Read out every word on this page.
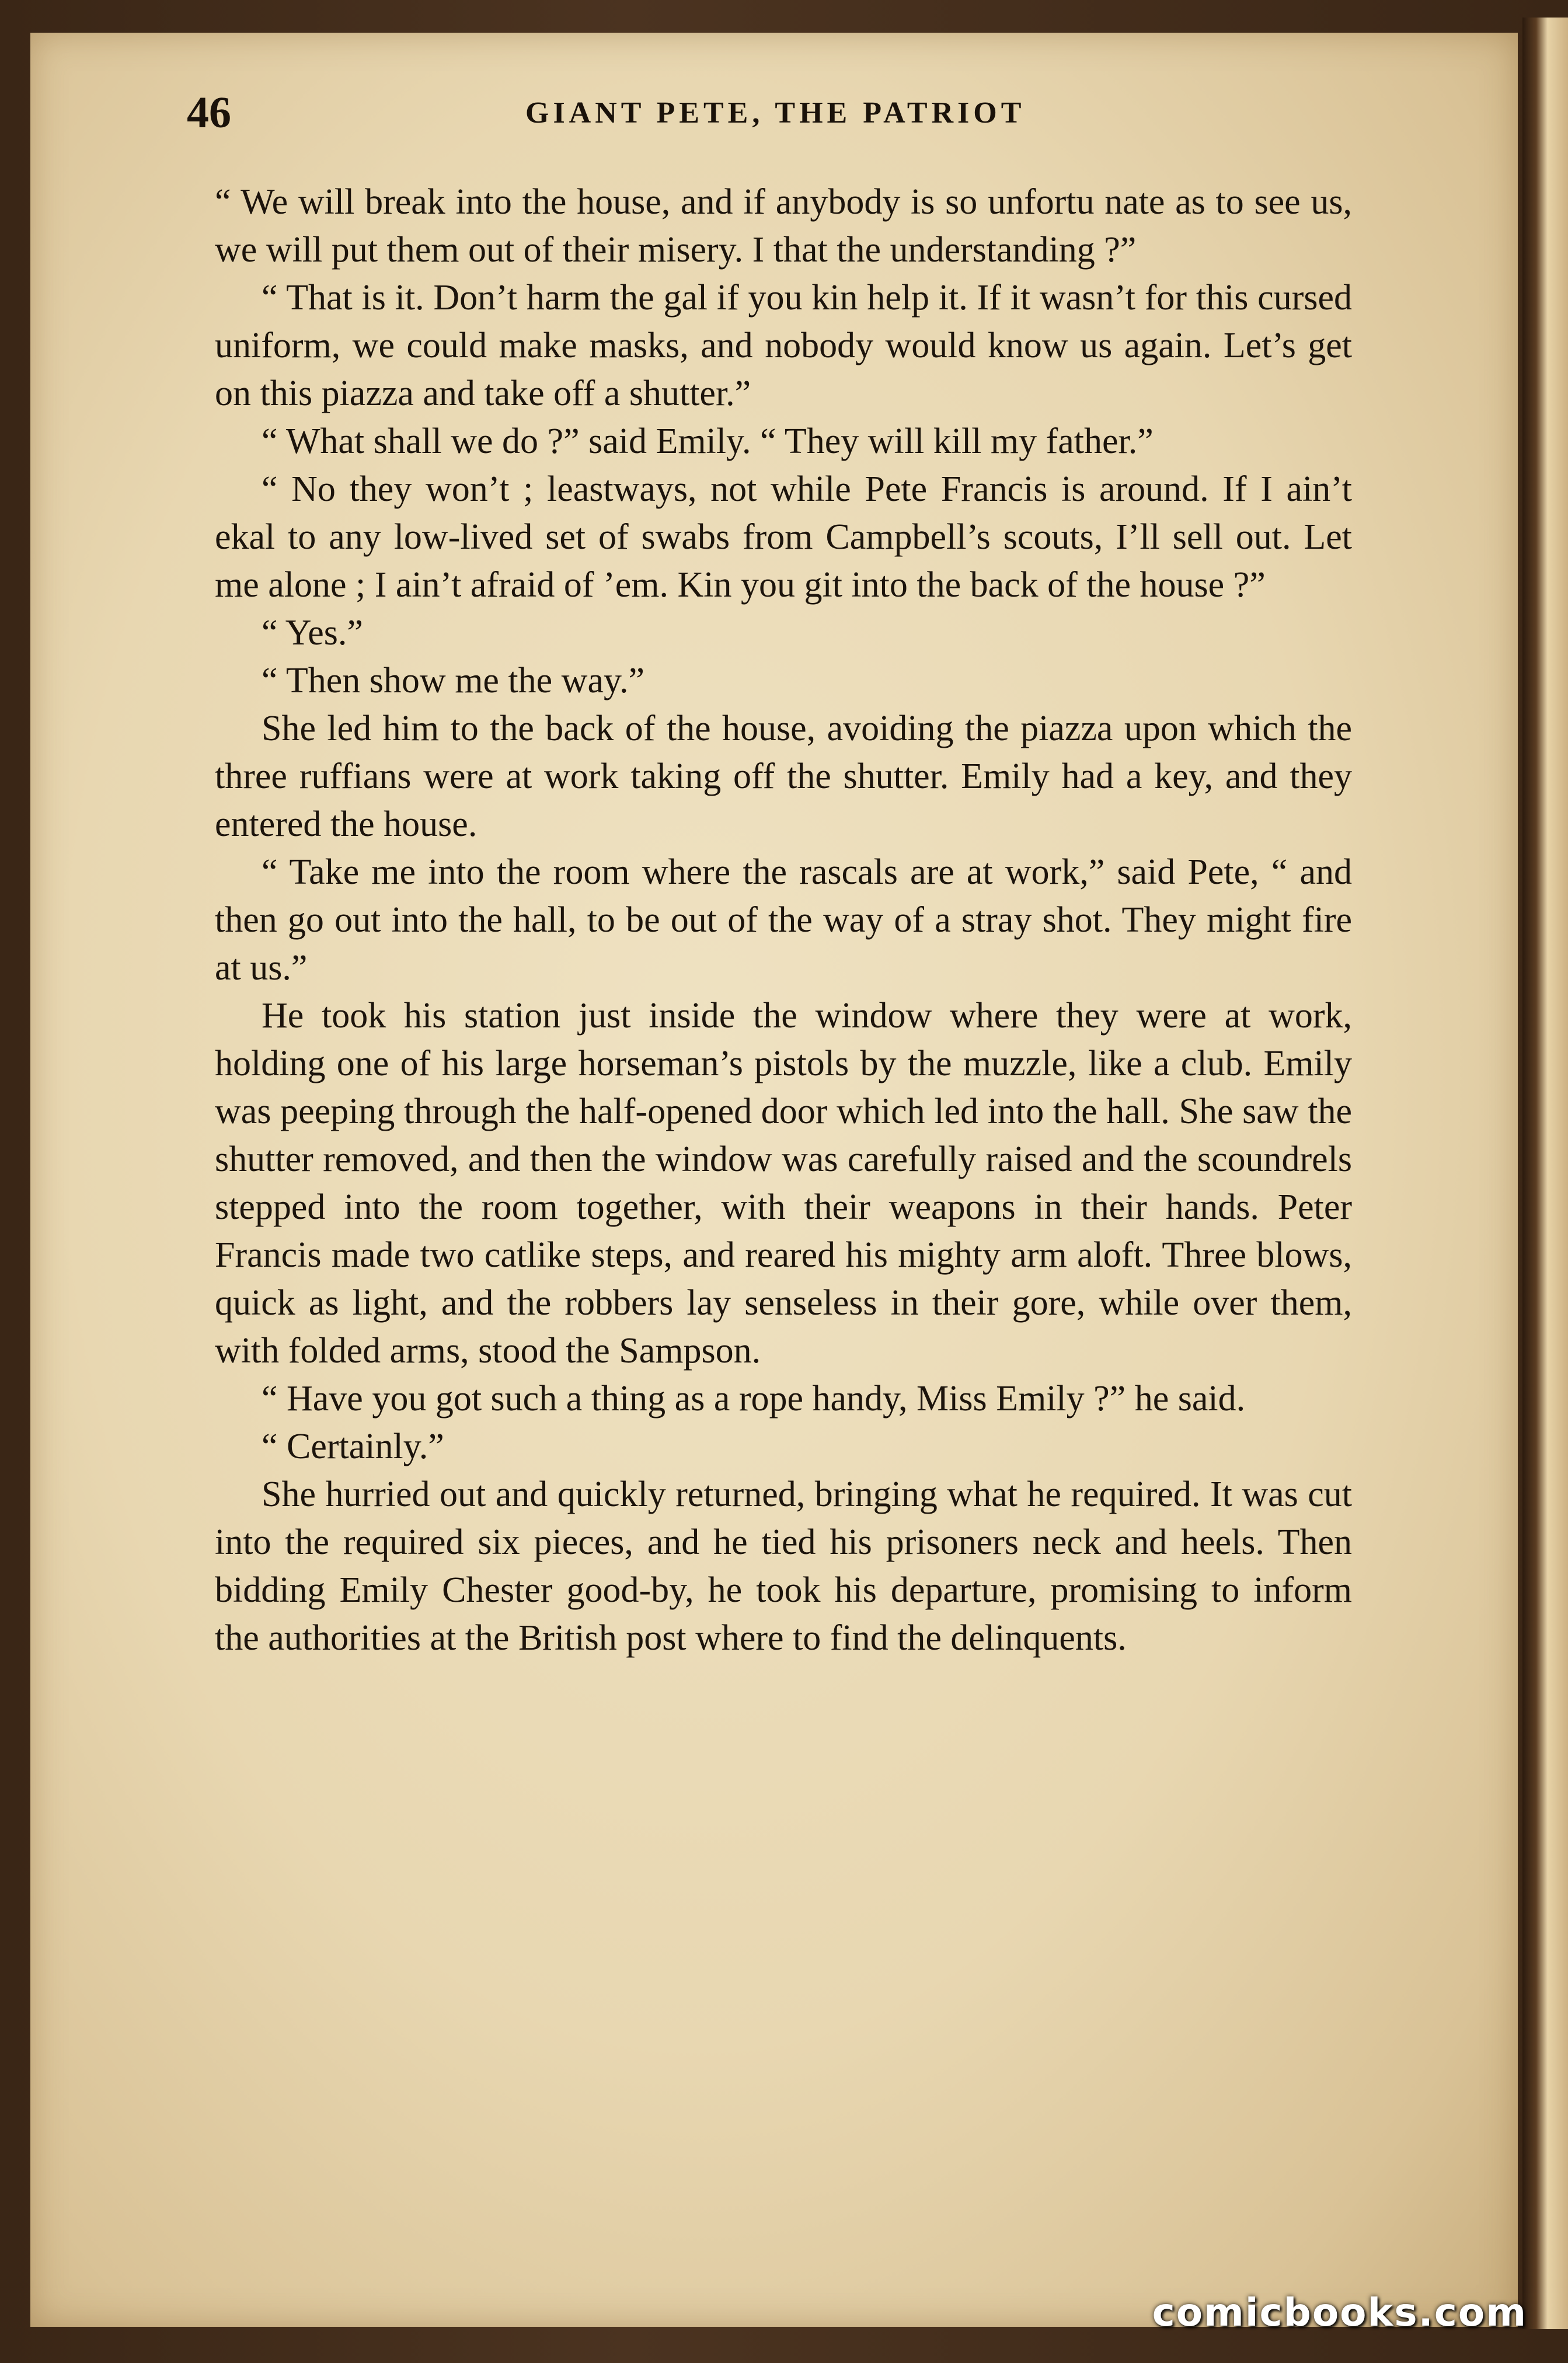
46	GIANT PETE, THE PATRIOT

“ We will break into the house, and if anybody is so unfortu nate as to see us, we will put them out of their misery. I that the understanding ?”

“ That is it. Don’t harm the gal if you kin help it. If it wasn’t for this cursed uniform, we could make masks, and nobody would know us again. Let’s get on this piazza and take off a shutter.”

“ What shall we do ?” said Emily. “ They will kill my father.”

“ No they won’t ; leastways, not while Pete Francis is around. If I ain’t ekal to any low-lived set of swabs from Campbell’s scouts, I’ll sell out. Let me alone ; I ain’t afraid of ’em. Kin you git into the back of the house ?”

“ Yes.”

“ Then show me the way.”

She led him to the back of the house, avoiding the piazza upon which the three ruffians were at work taking off the shutter. Emily had a key, and they entered the house.

“ Take me into the room where the rascals are at work,” said Pete, “ and then go out into the hall, to be out of the way of a stray shot. They might fire at us.”

He took his station just inside the window where they were at work, holding one of his large horseman’s pistols by the muzzle, like a club. Emily was peeping through the half-opened door which led into the hall. She saw the shutter removed, and then the window was carefully raised and the scoundrels stepped into the room together, with their weapons in their hands. Peter Francis made two catlike steps, and reared his mighty arm aloft. Three blows, quick as light, and the robbers lay senseless in their gore, while over them, with folded arms, stood the Sampson.

“ Have you got such a thing as a rope handy, Miss Emily ?” he said.

“ Certainly.”

She hurried out and quickly returned, bringing what he required. It was cut into the required six pieces, and he tied his prisoners neck and heels. Then bidding Emily Chester good-by, he took his departure, promising to inform the authorities at the British post where to find the delinquents.

comicbooks.com
